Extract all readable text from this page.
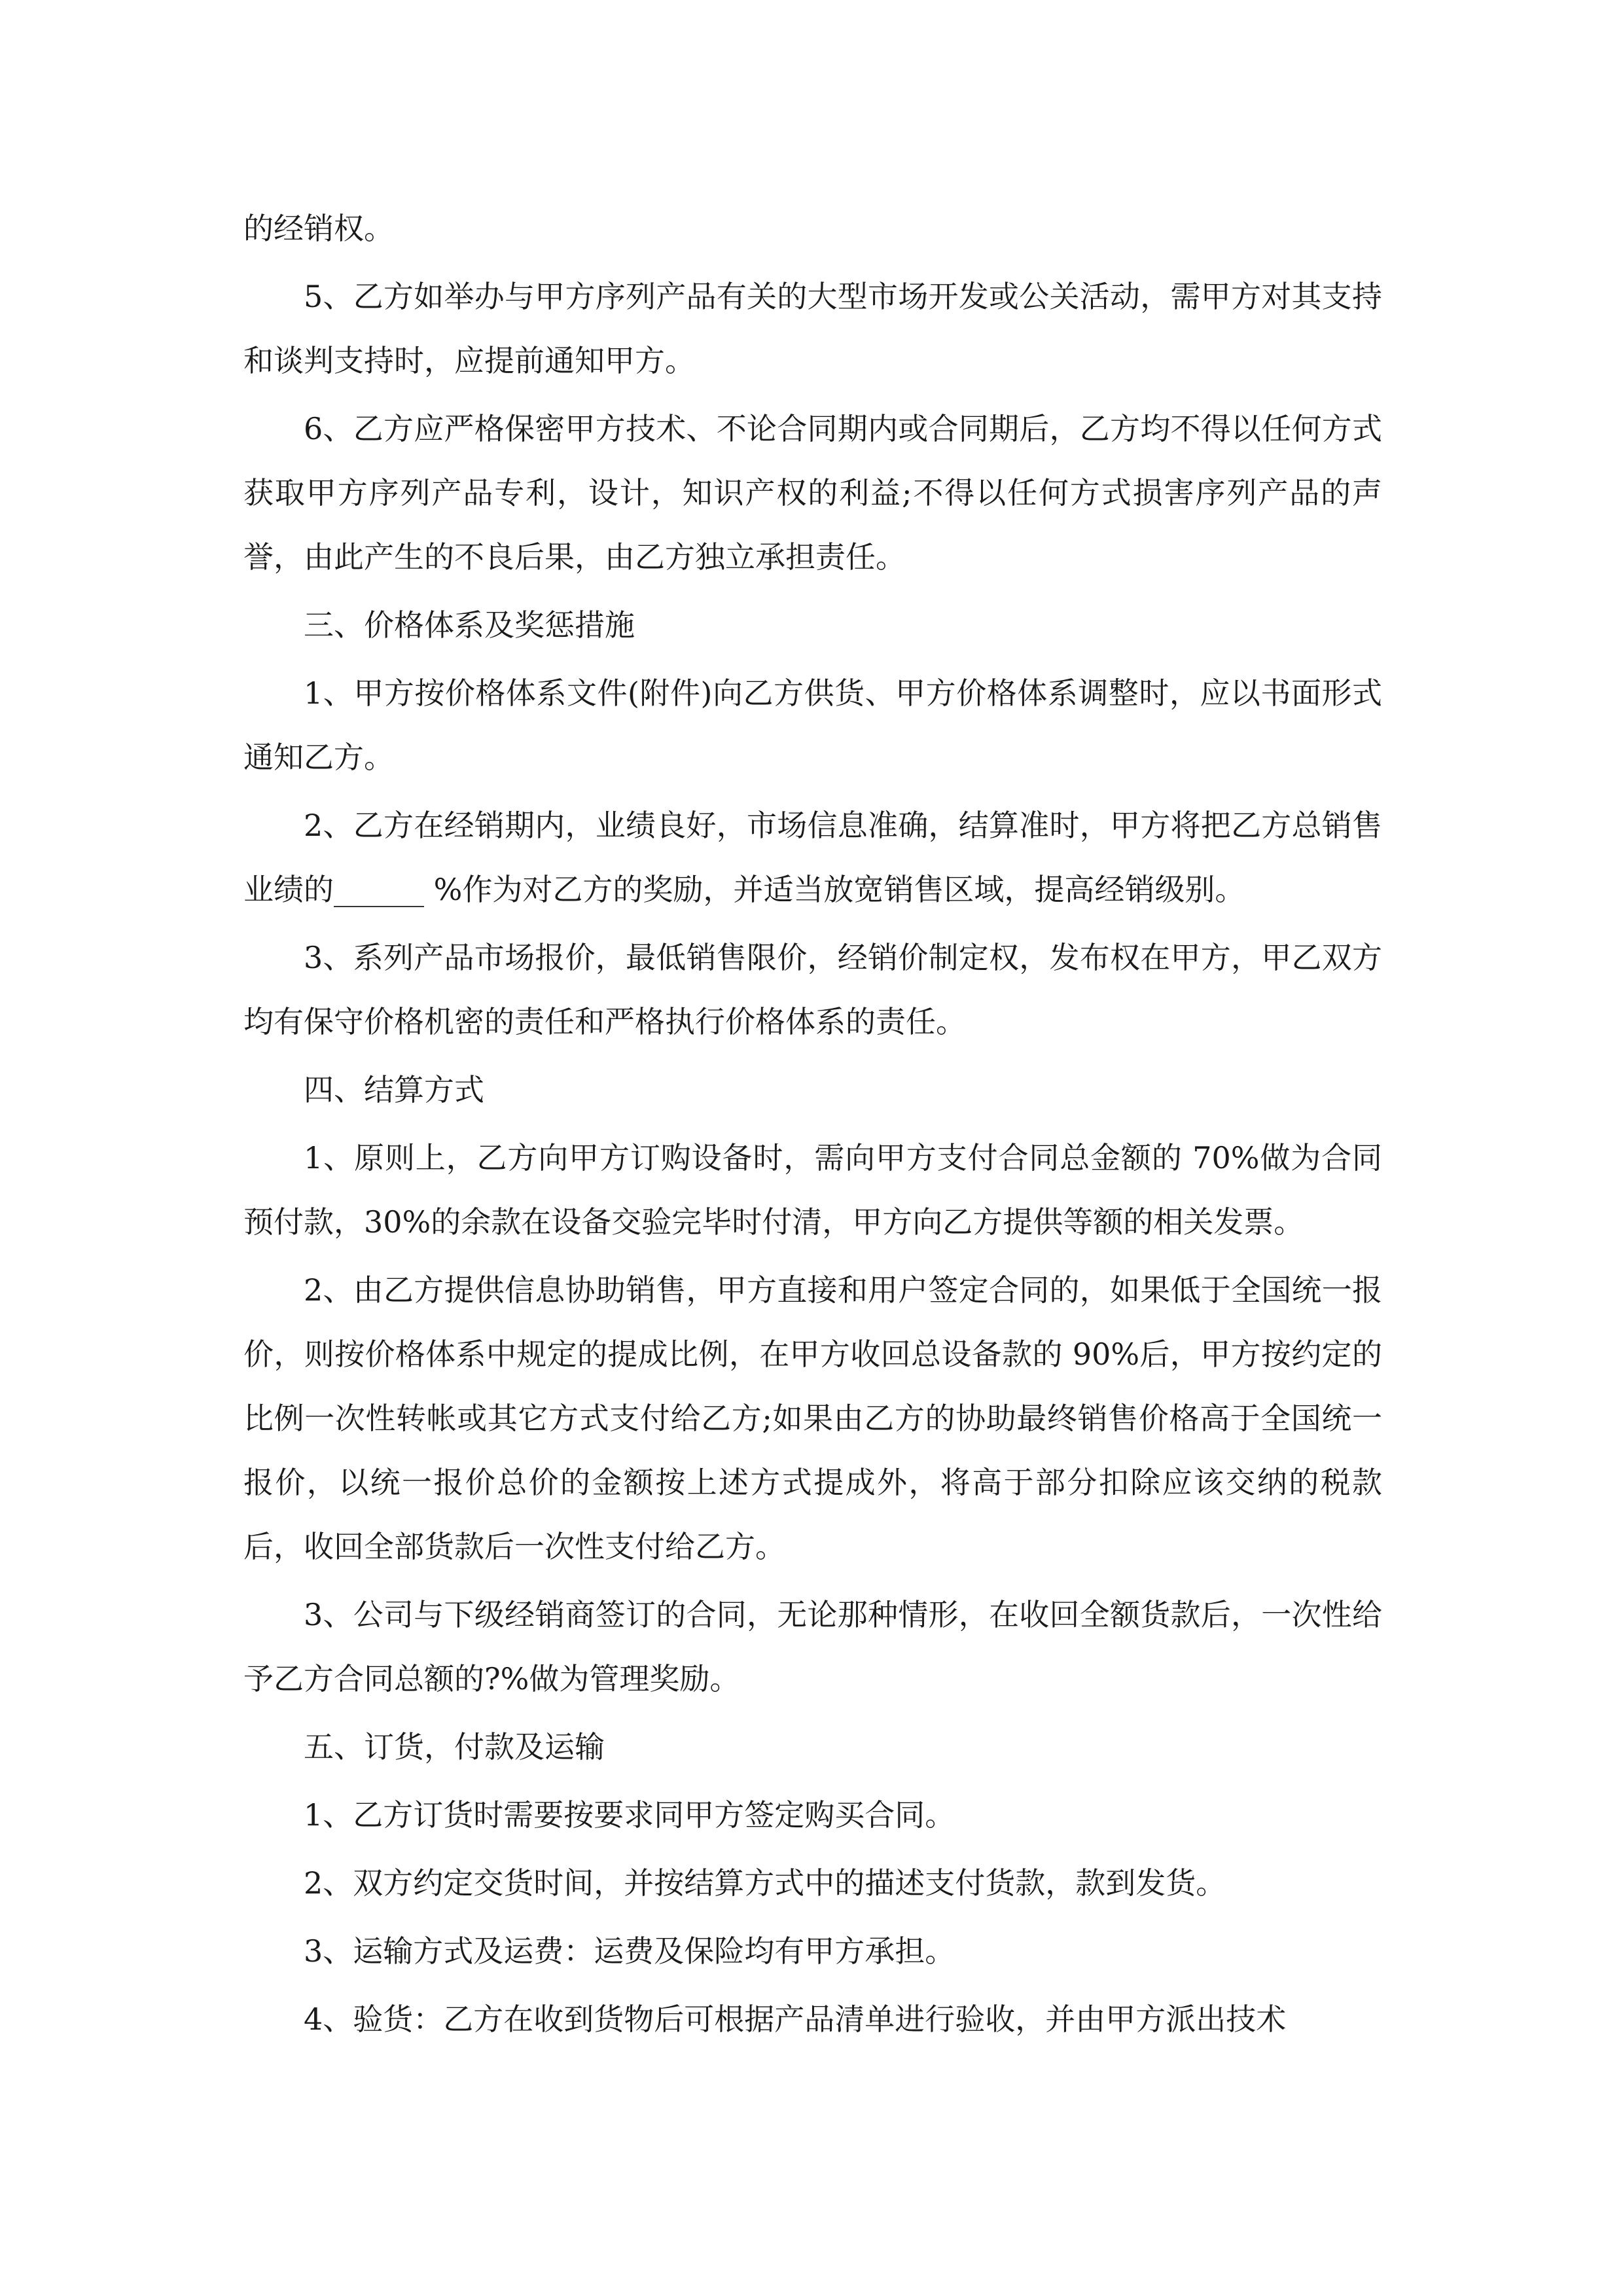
的经销权。

5、乙方如举办与甲方序列产品有关的大型市场开发或公关活动，需甲方对其支持和谈判支持时，应提前通知甲方。

6、乙方应严格保密甲方技术、不论合同期内或合同期后，乙方均不得以任何方式获取甲方序列产品专利，设计，知识产权的利益;不得以任何方式损害序列产品的声誉，由此产生的不良后果，由乙方独立承担责任。

三、价格体系及奖惩措施

1、甲方按价格体系文件(附件)向乙方供货、甲方价格体系调整时，应以书面形式通知乙方。

2、乙方在经销期内，业绩良好，市场信息准确，结算准时，甲方将把乙方总销售业绩的______ %作为对乙方的奖励，并适当放宽销售区域，提高经销级别。

3、系列产品市场报价，最低销售限价，经销价制定权，发布权在甲方，甲乙双方均有保守价格机密的责任和严格执行价格体系的责任。

四、结算方式

1、原则上，乙方向甲方订购设备时，需向甲方支付合同总金额的 70%做为合同预付款，30%的余款在设备交验完毕时付清，甲方向乙方提供等额的相关发票。

2、由乙方提供信息协助销售，甲方直接和用户签定合同的，如果低于全国统一报价，则按价格体系中规定的提成比例，在甲方收回总设备款的 90%后，甲方按约定的比例一次性转帐或其它方式支付给乙方;如果由乙方的协助最终销售价格高于全国统一报价，以统一报价总价的金额按上述方式提成外，将高于部分扣除应该交纳的税款后，收回全部货款后一次性支付给乙方。

3、公司与下级经销商签订的合同，无论那种情形，在收回全额货款后，一次性给予乙方合同总额的?%做为管理奖励。

五、订货，付款及运输

1、乙方订货时需要按要求同甲方签定购买合同。

2、双方约定交货时间，并按结算方式中的描述支付货款，款到发货。

3、运输方式及运费：运费及保险均有甲方承担。

4、验货：乙方在收到货物后可根据产品清单进行验收，并由甲方派出技术
